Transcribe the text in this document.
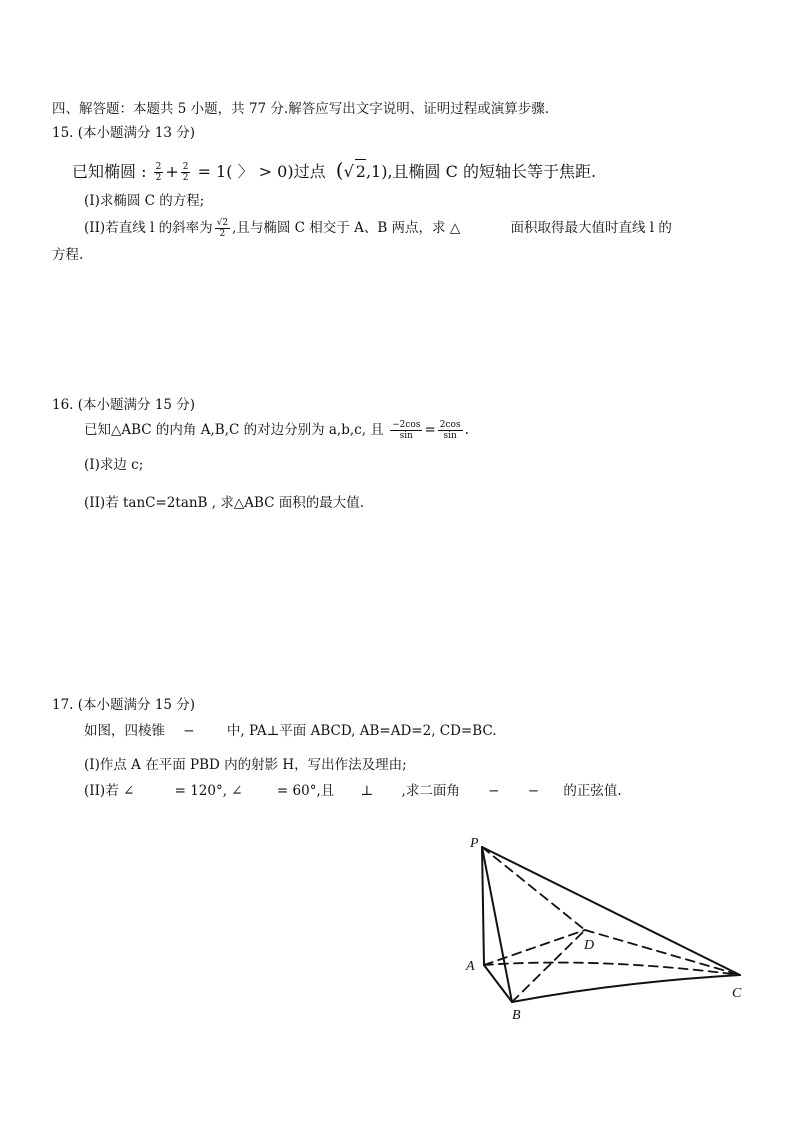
四、解答题：本题共 5 小题，共 77 分.解答应写出文字说明、证明过程或演算步骤.
15. (本小题满分 13 分)
已知椭圆 : $\frac{2}{2} + \frac{2}{2} = 1$( 〉 > 0)过点 (√ 2,1),且椭圆 C 的短轴长等于焦距.
(I)求椭圆 C 的方程;
(II)若直线 l 的斜率为 $\frac{√2}{2}$ ,且与椭圆 C 相交于 A、B 两点，求 △	面积取得最大值时直线 l 的
方程.
16. (本小题满分 15 分)
已知△ABC 的内角 A,B,C 的对边分别为 a,b,c, 且 $\frac{-2\cos}{\sin} = \frac{2\cos}{\sin}$ .
(I)求边 c;
(II)若 tanC=2tanB , 求△ABC 面积的最大值.
17. (本小题满分 15 分)
如图，四棱锥 − 中, PA⊥平面 ABCD, AB=AD=2, CD=BC.
(I)作点 A 在平面 PBD 内的射影 H，写出作法及理由;
(II)若 ∠	= 120°, ∠	= 60°,且 ⊥ ,求二面角 − − 的正弦值.
P
A
B
C
D
